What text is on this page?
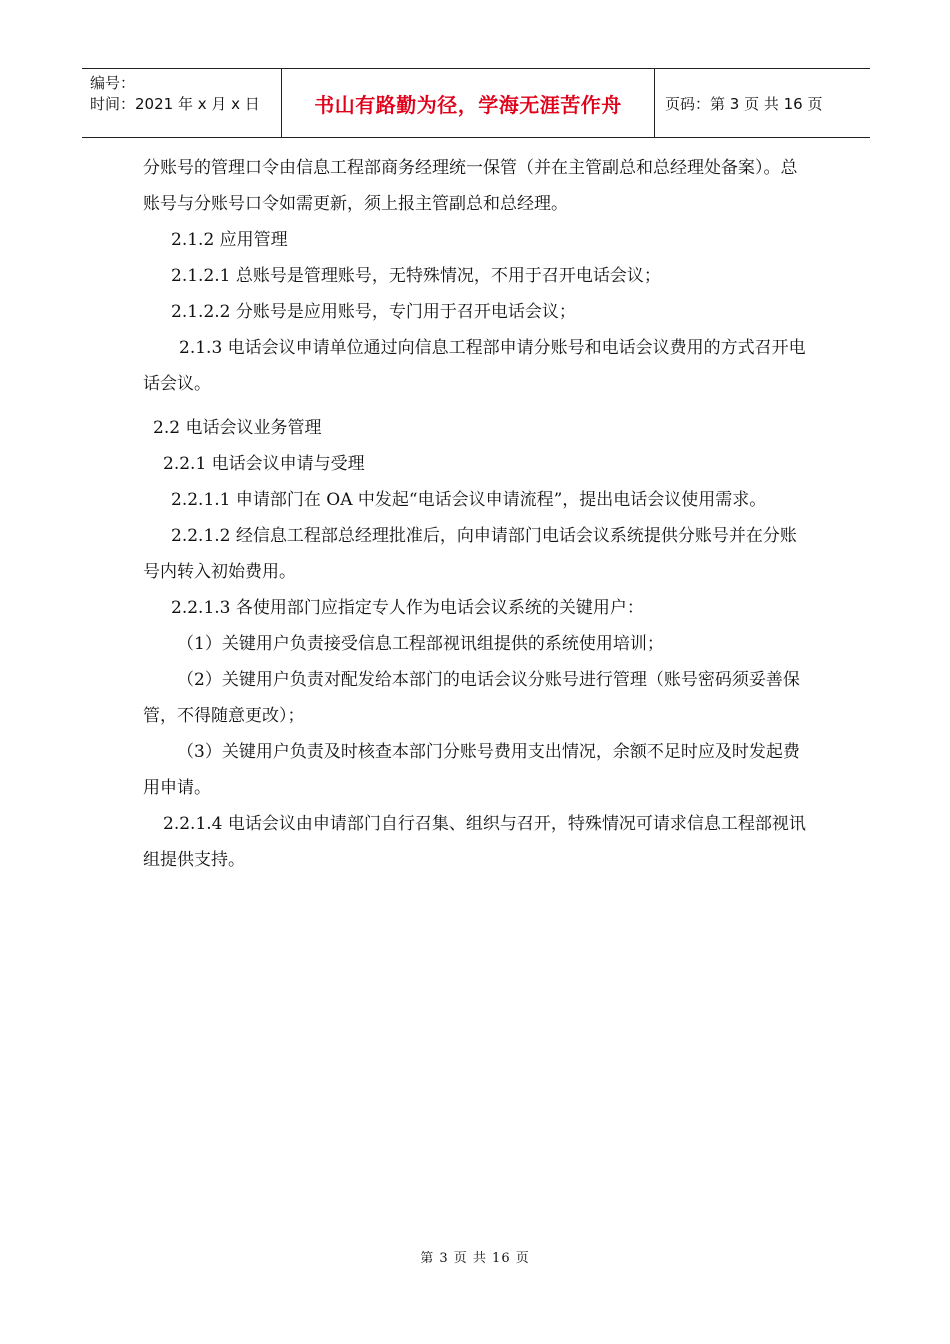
编号：
时间：2021 年 x 月 x 日	书山有路勤为径，学海无涯苦作舟	页码：第 3 页 共 16 页

分账号的管理口令由信息工程部商务经理统一保管（并在主管副总和总经理处备案）。总账号与分账号口令如需更新，须上报主管副总和总经理。

2.1.2 应用管理

2.1.2.1 总账号是管理账号，无特殊情况，不用于召开电话会议；

2.1.2.2 分账号是应用账号，专门用于召开电话会议；

2.1.3 电话会议申请单位通过向信息工程部申请分账号和电话会议费用的方式召开电话会议。

2.2 电话会议业务管理

2.2.1 电话会议申请与受理

2.2.1.1 申请部门在 OA 中发起“电话会议申请流程”，提出电话会议使用需求。

2.2.1.2 经信息工程部总经理批准后，向申请部门电话会议系统提供分账号并在分账号内转入初始费用。

2.2.1.3 各使用部门应指定专人作为电话会议系统的关键用户：

（1）关键用户负责接受信息工程部视讯组提供的系统使用培训；

（2）关键用户负责对配发给本部门的电话会议分账号进行管理（账号密码须妥善保管，不得随意更改）；

（3）关键用户负责及时核查本部门分账号费用支出情况，余额不足时应及时发起费用申请。

2.2.1.4 电话会议由申请部门自行召集、组织与召开，特殊情况可请求信息工程部视讯组提供支持。

第 3 页 共 16 页
